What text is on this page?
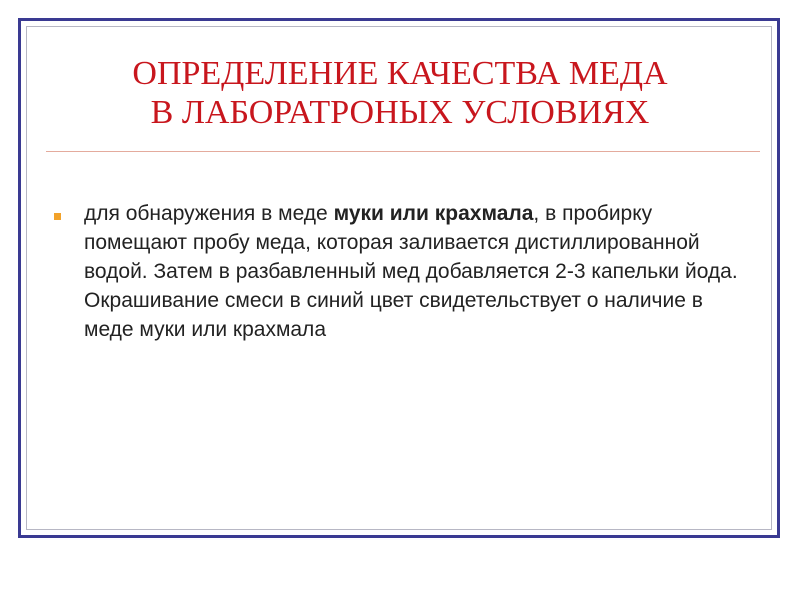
ОПРЕДЕЛЕНИЕ КАЧЕСТВА МЕДА
В ЛАБОРАТРОНЫХ УСЛОВИЯХ

для обнаружения в меде муки или крахмала, в пробирку помещают пробу меда, которая заливается дистиллированной водой. Затем в разбавленный мед добавляется 2-3 капельки йода. Окрашивание смеси в синий цвет свидетельствует о наличие в меде муки или крахмала
